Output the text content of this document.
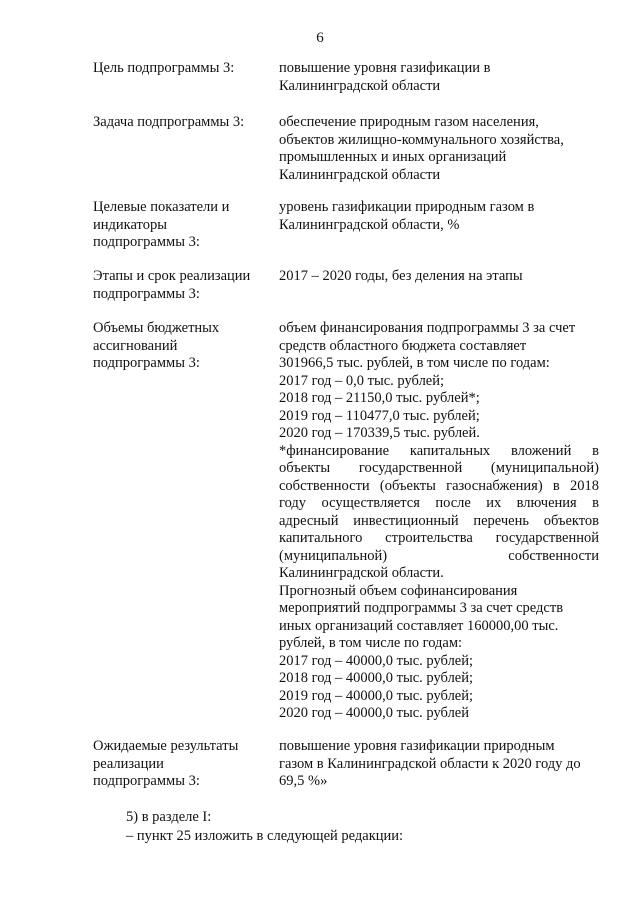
6
Цель подпрограммы 3:	повышение уровня газификации в
Калининградской области
Задача подпрограммы 3:	обеспечение природным газом населения,
объектов жилищно-коммунального хозяйства,
промышленных и иных организаций
Калининградской области
Целевые показатели и
индикаторы
подпрограммы 3:
уровень газификации природным газом в
Калининградской области, %
Этапы и срок реализации
подпрограммы 3:
2017 – 2020 годы, без деления на этапы
Объемы бюджетных
ассигнований
подпрограммы 3:
объем финансирования подпрограммы 3 за счет
средств областного бюджета составляет
301966,5 тыс. рублей, в том числе по годам:
2017 год – 0,0 тыс. рублей;
2018 год – 21150,0 тыс. рублей*;
2019 год – 110477,0 тыс. рублей;
2020 год – 170339,5 тыс. рублей.
*финансирование капитальных вложений в
объекты государственной (муниципальной)
собственности (объекты газоснабжения) в 2018
году осуществляется после их влючения в
адресный инвестиционный перечень объектов
капитального строительства государственной
(муниципальной) собственности
Калининградской области.
Прогнозный объем софинансирования
мероприятий подпрограммы 3 за счет средств
иных организаций составляет 160000,00 тыс.
рублей, в том числе по годам:
2017 год – 40000,0 тыс. рублей;
2018 год – 40000,0 тыс. рублей;
2019 год – 40000,0 тыс. рублей;
2020 год – 40000,0 тыс. рублей
Ожидаемые результаты
реализации
подпрограммы 3:
повышение уровня газификации природным
газом в Калининградской области к 2020 году до
69,5 %»
5) в разделе I:
– пункт 25 изложить в следующей редакции:
